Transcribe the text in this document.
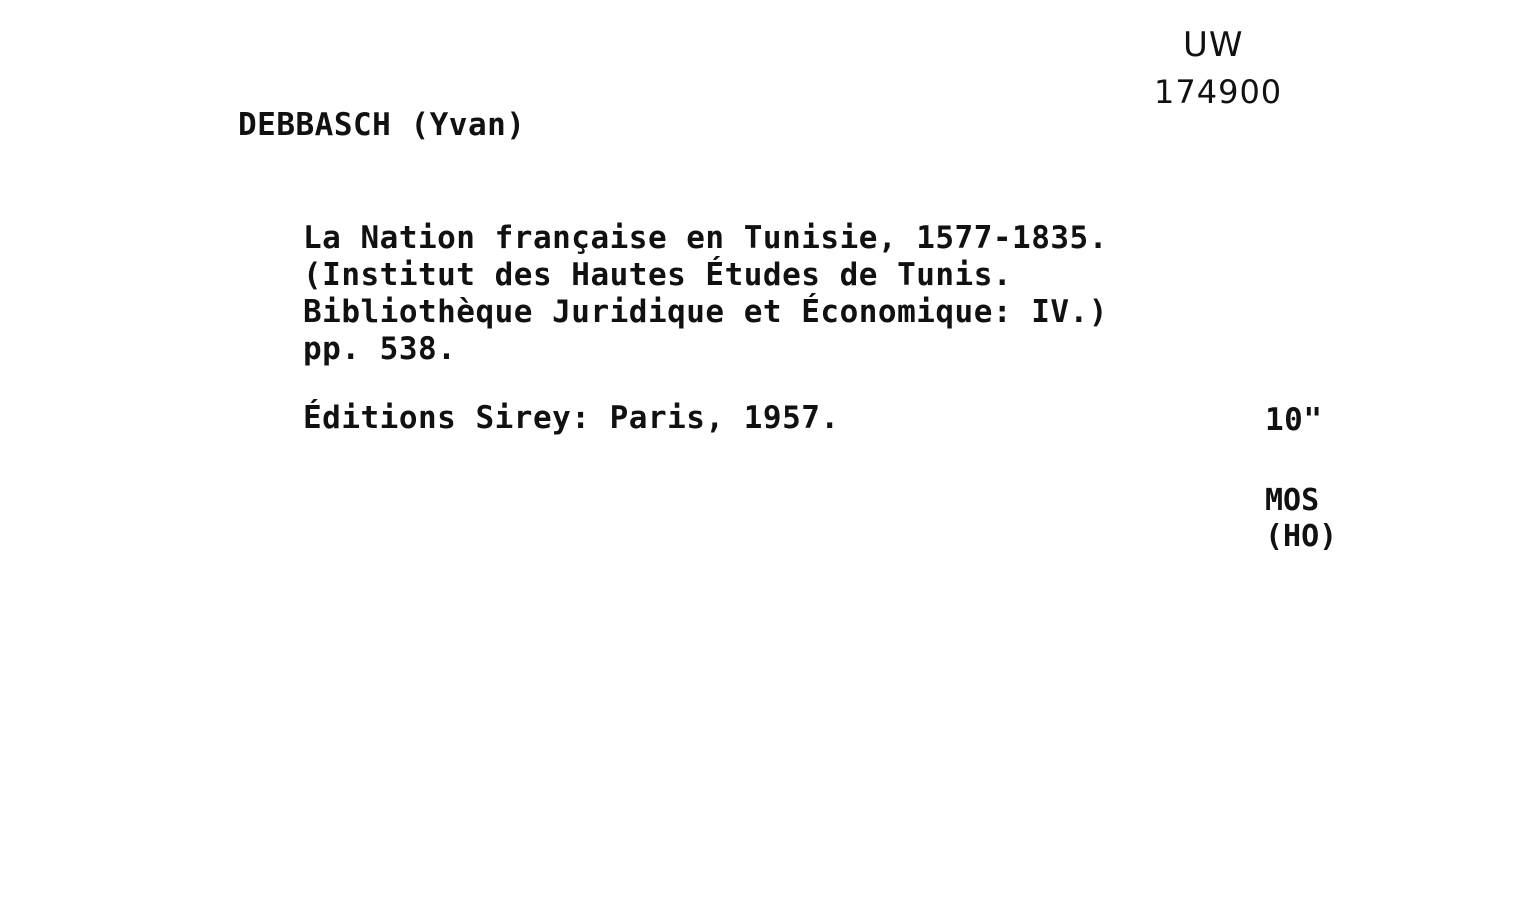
UW
174900
DEBBASCH (Yvan)
La Nation française en Tunisie, 1577-1835.
(Institut des Hautes Études de Tunis.
Bibliothèque Juridique et Économique: IV.)
pp. 538.
Éditions Sirey: Paris, 1957.	10"
MOS
(HO)
